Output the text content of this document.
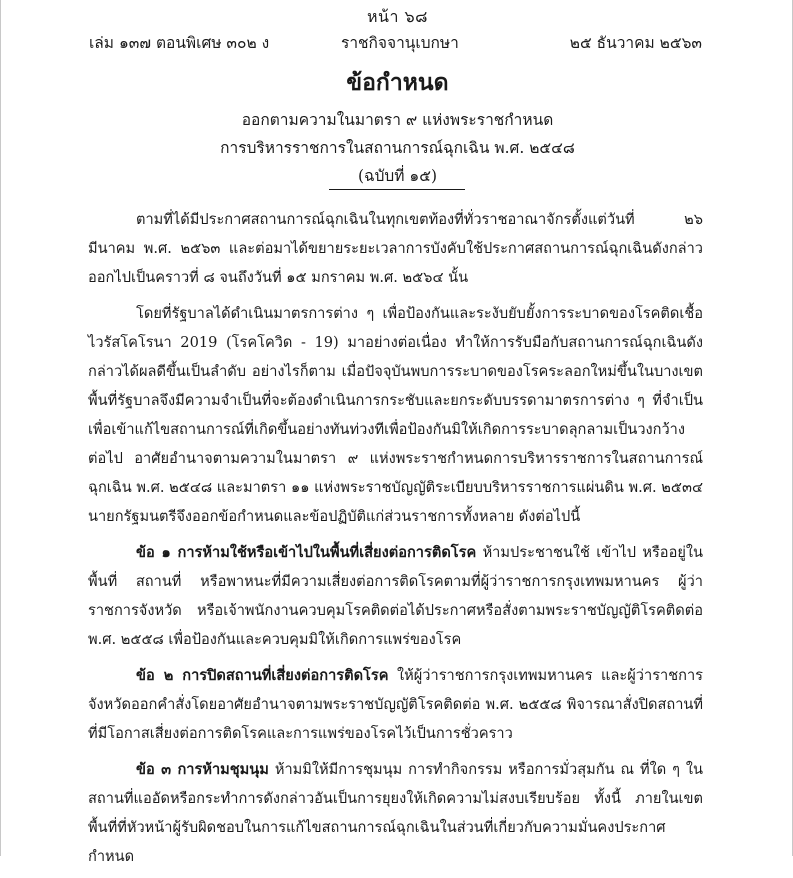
หน้า ๖๘
เล่ม ๑๓๗ ตอนพิเศษ ๓๐๒ ง	ราชกิจจานุเบกษา	๒๕ ธันวาคม ๒๕๖๓
ข้อกำหนด
ออกตามความในมาตรา ๙ แห่งพระราชกำหนด
การบริหารราชการในสถานการณ์ฉุกเฉิน พ.ศ. ๒๕๔๘
(ฉบับที่ ๑๕)

ตามที่ได้มีประกาศสถานการณ์ฉุกเฉินในทุกเขตท้องที่ทั่วราชอาณาจักรตั้งแต่วันที่ ๒๖ มีนาคม พ.ศ. ๒๕๖๓ และต่อมาได้ขยายระยะเวลาการบังคับใช้ประกาศสถานการณ์ฉุกเฉินดังกล่าวออกไปเป็นคราวที่ ๘ จนถึงวันที่ ๑๕ มกราคม พ.ศ. ๒๕๖๔ นั้น

โดยที่รัฐบาลได้ดำเนินมาตรการต่าง ๆ เพื่อป้องกันและระงับยับยั้งการระบาดของโรคติดเชื้อไวรัสโคโรนา 2019 (โรคโควิด - 19) มาอย่างต่อเนื่อง ทำให้การรับมือกับสถานการณ์ฉุกเฉินดังกล่าวได้ผลดีขึ้นเป็นลำดับ อย่างไรก็ตาม เมื่อปัจจุบันพบการระบาดของโรคระลอกใหม่ขึ้นในบางเขตพื้นที่รัฐบาลจึงมีความจำเป็นที่จะต้องดำเนินการกระชับและยกระดับบรรดามาตรการต่าง ๆ ที่จำเป็นเพื่อเข้าแก้ไขสถานการณ์ที่เกิดขึ้นอย่างทันท่วงทีเพื่อป้องกันมิให้เกิดการระบาดลุกลามเป็นวงกว้างต่อไป อาศัยอำนาจตามความในมาตรา ๙ แห่งพระราชกำหนดการบริหารราชการในสถานการณ์ฉุกเฉิน พ.ศ. ๒๕๔๘ และมาตรา ๑๑ แห่งพระราชบัญญัติระเบียบบริหารราชการแผ่นดิน พ.ศ. ๒๕๓๔ นายกรัฐมนตรีจึงออกข้อกำหนดและข้อปฏิบัติแก่ส่วนราชการทั้งหลาย ดังต่อไปนี้

ข้อ ๑ การห้ามใช้หรือเข้าไปในพื้นที่เสี่ยงต่อการติดโรค ห้ามประชาชนใช้ เข้าไป หรืออยู่ในพื้นที่ สถานที่ หรือพาหนะที่มีความเสี่ยงต่อการติดโรคตามที่ผู้ว่าราชการกรุงเทพมหานคร ผู้ว่าราชการจังหวัด หรือเจ้าพนักงานควบคุมโรคติดต่อได้ประกาศหรือสั่งตามพระราชบัญญัติโรคติดต่อ พ.ศ. ๒๕๕๘ เพื่อป้องกันและควบคุมมิให้เกิดการแพร่ของโรค

ข้อ ๒ การปิดสถานที่เสี่ยงต่อการติดโรค ให้ผู้ว่าราชการกรุงเทพมหานคร และผู้ว่าราชการจังหวัดออกคำสั่งโดยอาศัยอำนาจตามพระราชบัญญัติโรคติดต่อ พ.ศ. ๒๕๕๘ พิจารณาสั่งปิดสถานที่ที่มีโอกาสเสี่ยงต่อการติดโรคและการแพร่ของโรคไว้เป็นการชั่วคราว

ข้อ ๓ การห้ามชุมนุม ห้ามมิให้มีการชุมนุม การทำกิจกรรม หรือการมั่วสุมกัน ณ ที่ใด ๆ ในสถานที่แออัดหรือกระทำการดังกล่าวอันเป็นการยุยงให้เกิดความไม่สงบเรียบร้อย ทั้งนี้ ภายในเขตพื้นที่ที่หัวหน้าผู้รับผิดชอบในการแก้ไขสถานการณ์ฉุกเฉินในส่วนที่เกี่ยวกับความมั่นคงประกาศกำหนด
